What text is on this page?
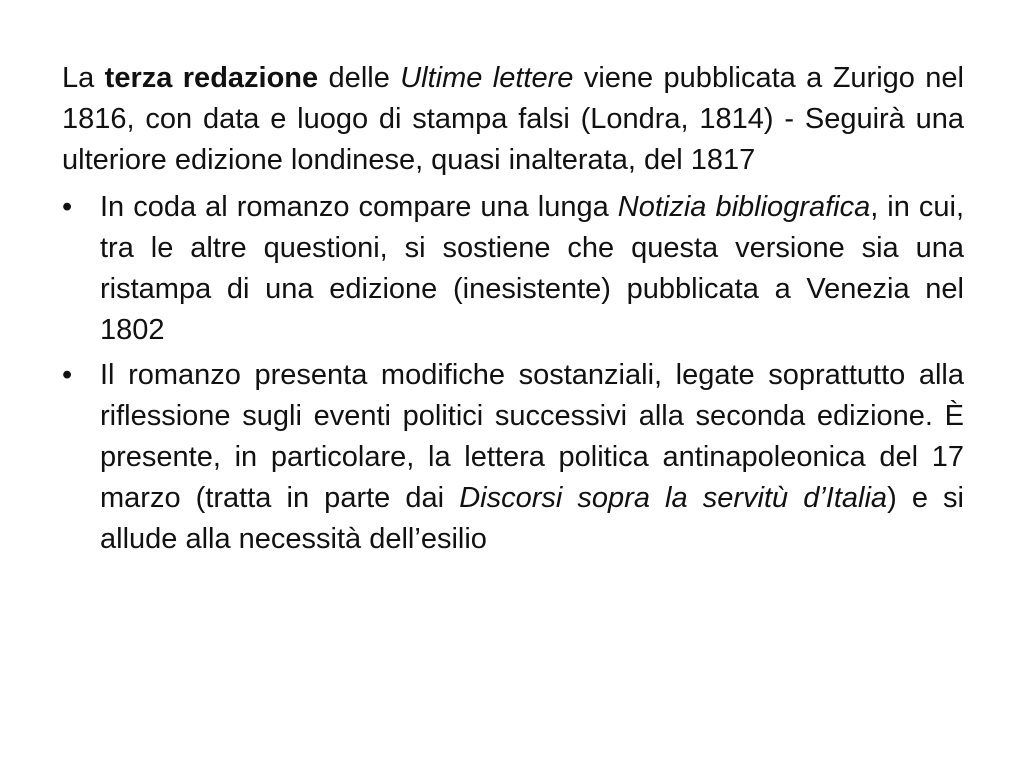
La terza redazione delle Ultime lettere viene pubblicata a Zurigo nel 1816, con data e luogo di stampa falsi (Londra, 1814) - Seguirà una ulteriore edizione londinese, quasi inalterata, del 1817

• In coda al romanzo compare una lunga Notizia bibliografica, in cui, tra le altre questioni, si sostiene che questa versione sia una ristampa di una edizione (inesistente) pubblicata a Venezia nel 1802
• Il romanzo presenta modifiche sostanziali, legate soprattutto alla riflessione sugli eventi politici successivi alla seconda edizione. È presente, in particolare, la lettera politica antinapoleonica del 17 marzo (tratta in parte dai Discorsi sopra la servitù d’Italia) e si allude alla necessità dell’esilio
